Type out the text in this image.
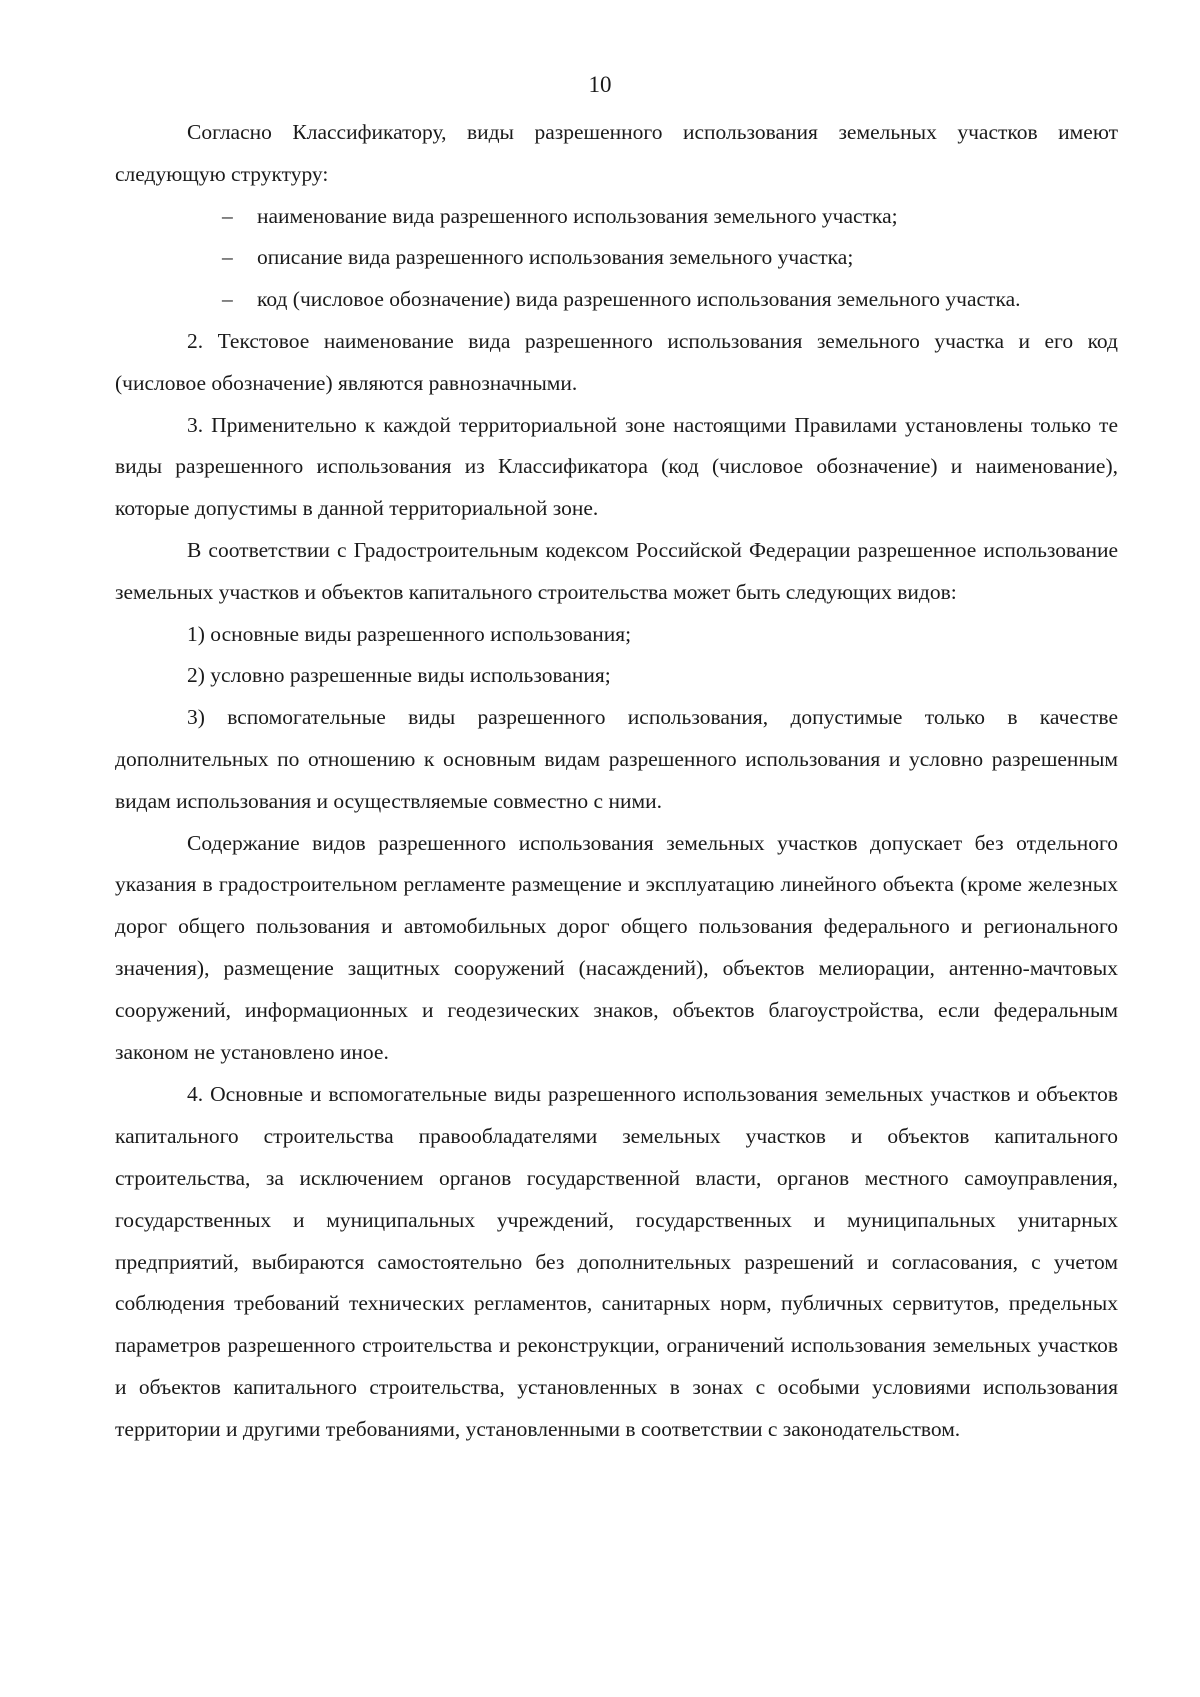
10

Согласно Классификатору, виды разрешенного использования земельных участков имеют следующую структуру:

–	наименование вида разрешенного использования земельного участка;

–	описание вида разрешенного использования земельного участка;

–	код (числовое обозначение) вида разрешенного использования земельного участка.

2. Текстовое наименование вида разрешенного использования земельного участка и его код (числовое обозначение) являются равнозначными.

3. Применительно к каждой территориальной зоне настоящими Правилами установлены только те виды разрешенного использования из Классификатора (код (числовое обозначение) и наименование), которые допустимы в данной территориальной зоне.

В соответствии с Градостроительным кодексом Российской Федерации разрешенное использование земельных участков и объектов капитального строительства может быть следующих видов:

1) основные виды разрешенного использования;

2) условно разрешенные виды использования;

3) вспомогательные виды разрешенного использования, допустимые только в качестве дополнительных по отношению к основным видам разрешенного использования и условно разрешенным видам использования и осуществляемые совместно с ними.

Содержание видов разрешенного использования земельных участков допускает без отдельного указания в градостроительном регламенте размещение и эксплуатацию линейного объекта (кроме железных дорог общего пользования и автомобильных дорог общего пользования федерального и регионального значения), размещение защитных сооружений (насаждений), объектов мелиорации, антенно-мачтовых сооружений, информационных и геодезических знаков, объектов благоустройства, если федеральным законом не установлено иное.

4. Основные и вспомогательные виды разрешенного использования земельных участков и объектов капитального строительства правообладателями земельных участков и объектов капитального строительства, за исключением органов государственной власти, органов местного самоуправления, государственных и муниципальных учреждений, государственных и муниципальных унитарных предприятий, выбираются самостоятельно без дополнительных разрешений и согласования, с учетом соблюдения требований технических регламентов, санитарных норм, публичных сервитутов, предельных параметров разрешенного строительства и реконструкции, ограничений использования земельных участков и объектов капитального строительства, установленных в зонах с особыми условиями использования территории и другими требованиями, установленными в соответствии с законодательством.
